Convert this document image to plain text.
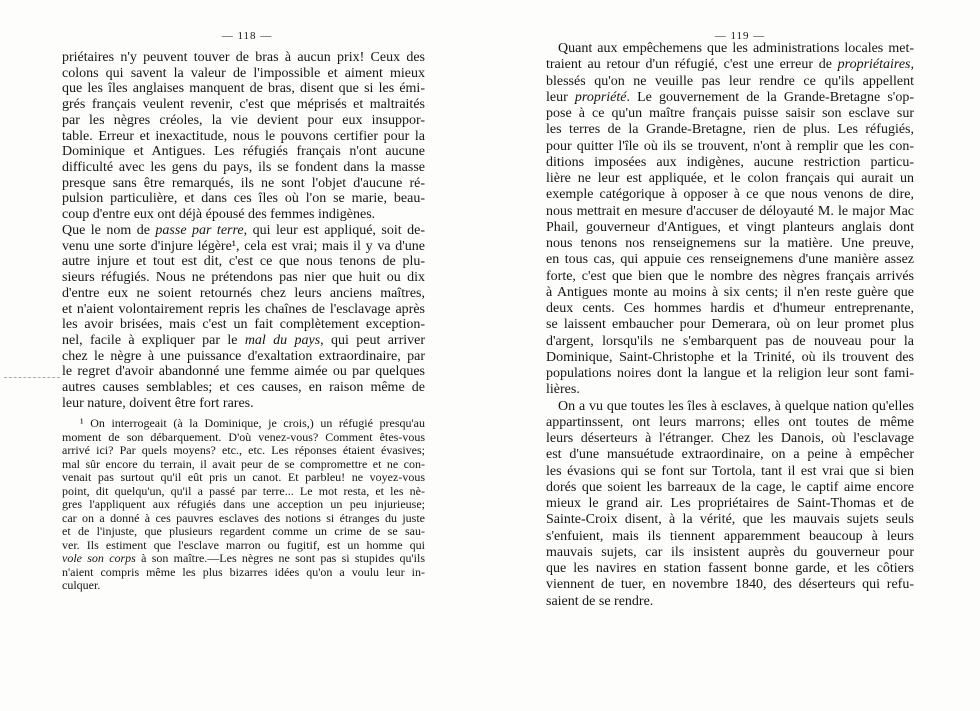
— 118 —
priétaires n'y peuvent touver de bras à aucun prix! Ceux des
colons qui savent la valeur de l'impossible et aiment mieux
que les îles anglaises manquent de bras, disent que si les émi-
grés français veulent revenir, c'est que méprisés et maltraités
par les nègres créoles, la vie devient pour eux insuppor-
table. Erreur et inexactitude, nous le pouvons certifier pour la
Dominique et Antigues. Les réfugiés français n'ont aucune
difficulté avec les gens du pays, ils se fondent dans la masse
presque sans être remarqués, ils ne sont l'objet d'aucune ré-
pulsion particulière, et dans ces îles où l'on se marie, beau-
coup d'entre eux ont déjà épousé des femmes indigènes.
Que le nom de passe par terre, qui leur est appliqué, soit de-
venu une sorte d'injure légère¹, cela est vrai; mais il y va d'une
autre injure et tout est dit, c'est ce que nous tenons de plu-
sieurs réfugiés. Nous ne prétendons pas nier que huit ou dix
d'entre eux ne soient retournés chez leurs anciens maîtres,
et n'aient volontairement repris les chaînes de l'esclavage après
les avoir brisées, mais c'est un fait complètement exception-
nel, facile à expliquer par le mal du pays, qui peut arriver
chez le nègre à une puissance d'exaltation extraordinaire, par
le regret d'avoir abandonné une femme aimée ou par quelques
autres causes semblables; et ces causes, en raison même de
leur nature, doivent être fort rares.
¹ On interrogeait (à la Dominique, je crois,) un réfugié presqu'au
moment de son débarquement. D'où venez-vous? Comment êtes-vous
arrivé ici? Par quels moyens? etc., etc. Les réponses étaient évasives;
mal sûr encore du terrain, il avait peur de se compromettre et ne con-
venait pas surtout qu'il eût pris un canot. Et parbleu! ne voyez-vous
point, dit quelqu'un, qu'il a passé par terre... Le mot resta, et les nè-
gres l'appliquent aux réfugiés dans une acception un peu injurieuse;
car on a donné à ces pauvres esclaves des notions si étranges du juste
et de l'injuste, que plusieurs regardent comme un crime de se sau-
ver. Ils estiment que l'esclave marron ou fugitif, est un homme qui
vole son corps à son maître.—Les nègres ne sont pas si stupides qu'ils
n'aient compris même les plus bizarres idées qu'on a voulu leur in-
culquer.
— 119 —
Quant aux empêchemens que les administrations locales met-
traient au retour d'un réfugié, c'est une erreur de propriétaires,
blessés qu'on ne veuille pas leur rendre ce qu'ils appellent
leur propriété. Le gouvernement de la Grande-Bretagne s'op-
pose à ce qu'un maître français puisse saisir son esclave sur
les terres de la Grande-Bretagne, rien de plus. Les réfugiés,
pour quitter l'île où ils se trouvent, n'ont à remplir que les con-
ditions imposées aux indigènes, aucune restriction particu-
lière ne leur est appliquée, et le colon français qui aurait un
exemple catégorique à opposer à ce que nous venons de dire,
nous mettrait en mesure d'accuser de déloyauté M. le major Mac
Phail, gouverneur d'Antigues, et vingt planteurs anglais dont
nous tenons nos renseignemens sur la matière. Une preuve,
en tous cas, qui appuie ces renseignemens d'une manière assez
forte, c'est que bien que le nombre des nègres français arrivés
à Antigues monte au moins à six cents; il n'en reste guère que
deux cents. Ces hommes hardis et d'humeur entreprenante,
se laissent embaucher pour Demerara, où on leur promet plus
d'argent, lorsqu'ils ne s'embarquent pas de nouveau pour la
Dominique, Saint-Christophe et la Trinité, où ils trouvent des
populations noires dont la langue et la religion leur sont fami-
lières.
On a vu que toutes les îles à esclaves, à quelque nation qu'elles
appartinssent, ont leurs marrons; elles ont toutes de même
leurs déserteurs à l'étranger. Chez les Danois, où l'esclavage
est d'une mansuétude extraordinaire, on a peine à empêcher
les évasions qui se font sur Tortola, tant il est vrai que si bien
dorés que soient les barreaux de la cage, le captif aime encore
mieux le grand air. Les propriétaires de Saint-Thomas et de
Sainte-Croix disent, à la vérité, que les mauvais sujets seuls
s'enfuient, mais ils tiennent apparemment beaucoup à leurs
mauvais sujets, car ils insistent auprès du gouverneur pour
que les navires en station fassent bonne garde, et les côtiers
viennent de tuer, en novembre 1840, des déserteurs qui refu-
saient de se rendre.
